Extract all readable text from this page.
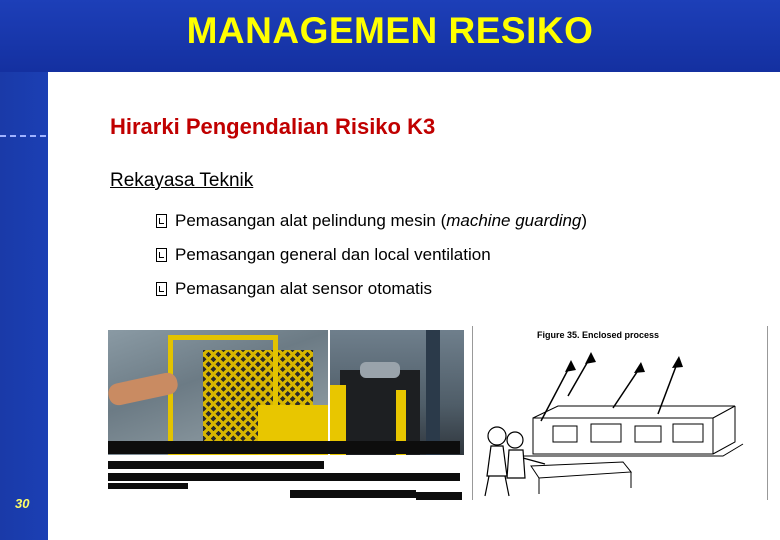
MANAGEMEN RESIKO
30
Hirarki Pengendalian Risiko K3
Rekayasa Teknik
Pemasangan alat pelindung mesin (machine guarding)
Pemasangan general dan local ventilation
Pemasangan alat sensor otomatis
Figure 35. Enclosed process
